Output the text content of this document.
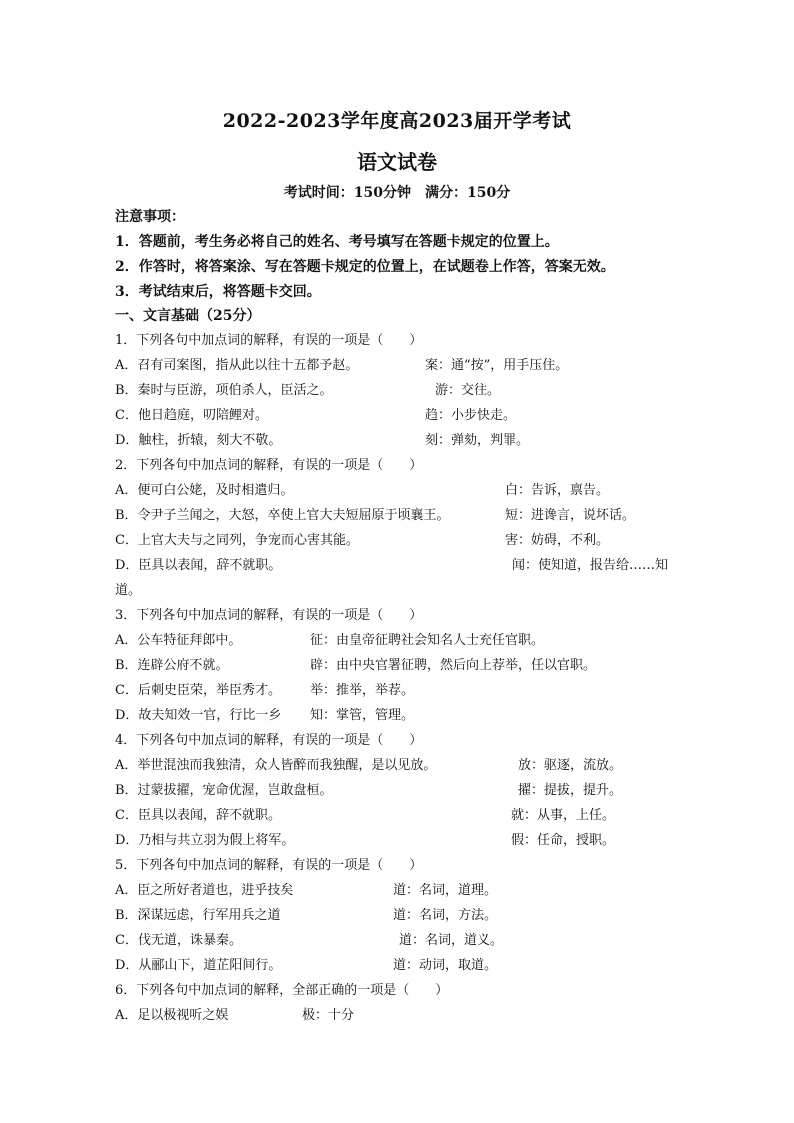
2022-2023学年度高2023届开学考试
语文试卷
考试时间：150分钟 满分：150分
注意事项：
1．答题前，考生务必将自己的姓名、考号填写在答题卡规定的位置上。
2．作答时，将答案涂、写在答题卡规定的位置上，在试题卷上作答，答案无效。
3．考试结束后，将答题卡交回。
一、文言基础（25分）
1．下列各句中加点词的解释，有误的一项是（　　）
A．召有司案图，指从此以往十五都予赵。	案：通“按”，用手压住。
B．秦时与臣游，项伯杀人，臣活之。	游：交往。
C．他日趋庭，叨陪鲤对。	趋：小步快走。
D．触柱，折辕，刻大不敬。	刻：弹劾，判罪。
2．下列各句中加点词的解释，有误的一项是（　　）
A．便可白公姥，及时相遣归。	白：告诉，禀告。
B．令尹子兰闻之，大怒，卒使上官大夫短屈原于顷襄王。	短：进谗言，说坏话。
C．上官大夫与之同列，争宠而心害其能。	害：妨碍，不利。
D．臣具以表闻，辞不就职。	闻：使知道，报告给……知
道。
3．下列各句中加点词的解释，有误的一项是（　　）
A．公车特征拜郎中。	征：由皇帝征聘社会知名人士充任官职。
B．连辟公府不就。	辟：由中央官署征聘，然后向上荐举，任以官职。
C．后刺史臣荣，举臣秀才。 举：推举，举荐。
D．故夫知效一官，行比一乡 知：掌管，管理。
4．下列各句中加点词的解释，有误的一项是（　　）
A．举世混浊而我独清，众人皆醉而我独醒，是以见放。	放：驱逐，流放。
B．过蒙拔擢，宠命优渥，岂敢盘桓。	擢：提拔，提升。
C．臣具以表闻，辞不就职。	就：从事，上任。
D．乃相与共立羽为假上将军。	假：任命，授职。
5．下列各句中加点词的解释，有误的一项是（　　）
A．臣之所好者道也，进乎技矣	道：名词，道理。
B．深谋远虑，行军用兵之道	道：名词，方法。
C．伐无道，诛暴秦。	道：名词，道义。
D．从郦山下，道芷阳间行。	道：动词，取道。
6．下列各句中加点词的解释，全部正确的一项是（　　）
A．足以极视听之娱	极：十分
